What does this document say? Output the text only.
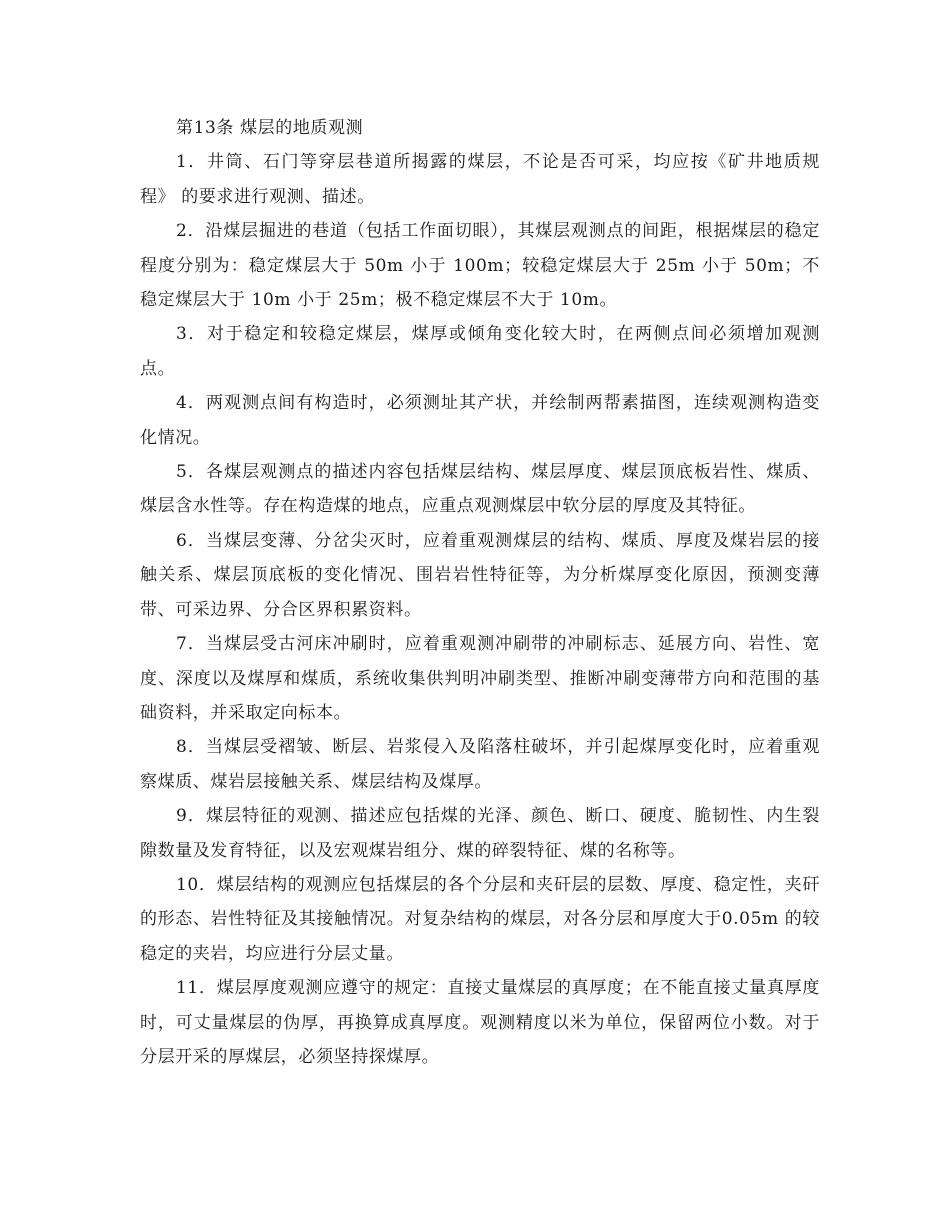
第13条 煤层的地质观测

1．井筒、石门等穿层巷道所揭露的煤层，不论是否可采，均应按《矿井地质规程》 的要求进行观测、描述。

2．沿煤层掘进的巷道（包括工作面切眼），其煤层观测点的间距，根据煤层的稳定程度分别为：稳定煤层大于 50m 小于 100m；较稳定煤层大于 25m 小于 50m；不稳定煤层大于 10m 小于 25m；极不稳定煤层不大于 10m。

3．对于稳定和较稳定煤层，煤厚或倾角变化较大时，在两侧点间必须增加观测点。

4．两观测点间有构造时，必须测址其产状，并绘制两帮素描图，连续观测构造变化情况。

5．各煤层观测点的描述内容包括煤层结构、煤层厚度、煤层顶底板岩性、煤质、煤层含水性等。存在构造煤的地点，应重点观测煤层中软分层的厚度及其特征。

6．当煤层变薄、分岔尖灭时，应着重观测煤层的结构、煤质、厚度及煤岩层的接触关系、煤层顶底板的变化情况、围岩岩性特征等，为分析煤厚变化原因，预测变薄带、可采边界、分合区界积累资料。

7．当煤层受古河床冲刷时，应着重观测冲刷带的冲刷标志、延展方向、岩性、宽度、深度以及煤厚和煤质，系统收集供判明冲刷类型、推断冲刷变薄带方向和范围的基础资料，并采取定向标本。

8．当煤层受褶皱、断层、岩浆侵入及陷落柱破坏，并引起煤厚变化时，应着重观察煤质、煤岩层接触关系、煤层结构及煤厚。

9．煤层特征的观测、描述应包括煤的光泽、颜色、断口、硬度、脆韧性、内生裂隙数量及发育特征，以及宏观煤岩组分、煤的碎裂特征、煤的名称等。

10．煤层结构的观测应包括煤层的各个分层和夹矸层的层数、厚度、稳定性，夹矸的形态、岩性特征及其接触情况。对复杂结构的煤层，对各分层和厚度大于0.05m 的较稳定的夹岩，均应进行分层丈量。

11．煤层厚度观测应遵守的规定：直接丈量煤层的真厚度；在不能直接丈量真厚度时，可丈量煤层的伪厚，再换算成真厚度。观测精度以米为单位，保留两位小数。对于分层开采的厚煤层，必须坚持探煤厚。
